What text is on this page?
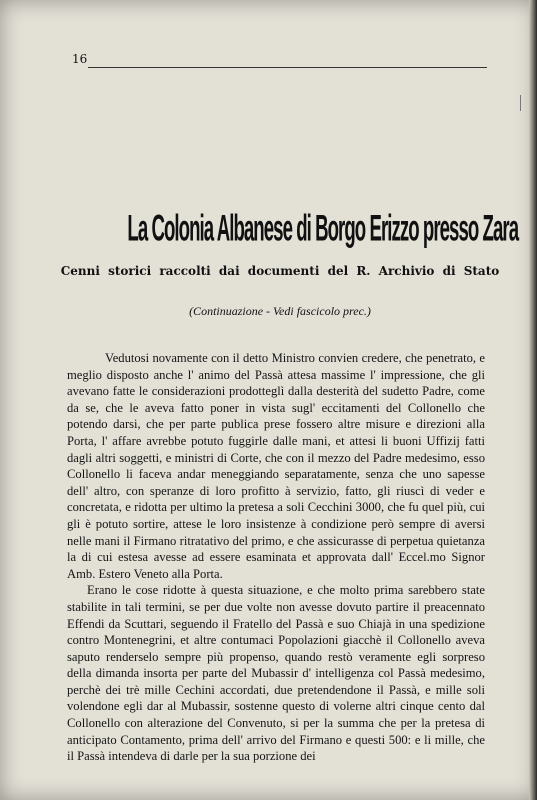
16
La Colonia Albanese di Borgo Erizzo presso Zara
Cenni storici raccolti dai documenti del R. Archivio di Stato
(Continuazione - Vedi fascicolo prec.)

Vedutosi novamente con il detto Ministro convien credere, che penetrato, e meglio disposto anche l' animo del Passà attesa massime l' impressione, che gli avevano fatte le considerazioni prodotteglì dalla desterità del sudetto Padre, come da se, che le aveva fatto poner in vista sugl' eccitamenti del Collonello che potendo darsi, che per parte publica prese fossero altre misure e direzioni alla Porta, l' affare avrebbe potuto fuggirle dalle mani, et attesi li buoni Uffizij fatti dagli altri soggetti, e ministri di Corte, che con il mezzo del Padre medesimo, esso Collonello li faceva andar meneggiando separatamente, senza che uno sapesse dell' altro, con speranze di loro profitto à servizio, fatto, gli riuscì di veder e concretata, e ridotta per ultimo la pretesa a soli Cecchini 3000, che fu quel più, cui gli è potuto sortire, attese le loro insistenze à condizione però sempre di aversi nelle mani il Firmano ritratativo del primo, e che assicurasse di perpetua quietanza la di cui estesa avesse ad essere esaminata et approvata dall' Eccel.mo Signor Amb. Estero Veneto alla Porta.

Erano le cose ridotte à questa situazione, e che molto prima sarebbero state stabilite in tali termini, se per due volte non avesse dovuto partire il preacennato Effendi da Scuttari, seguendo il Fratello del Passà e suo Chiajà in una spedizione contro Montenegrini, et altre contumaci Popolazioni giacchè il Collonello aveva saputo renderselo sempre più propenso, quando restò veramente egli sorpreso della dimanda insorta per parte del Mubassir d' intelligenza col Passà medesimo, perchè dei trè mille Cechini accordati, due pretendendone il Passà, e mille soli volendone egli dar al Mubassir, sostenne questo di volerne altri cinque cento dal Collonello con alterazione del Convenuto, si per la summa che per la pretesa di anticipato Contamento, prima dell' arrivo del Firmano e questi 500: e li mille, che il Passà intendeva di darle per la sua porzione dei
